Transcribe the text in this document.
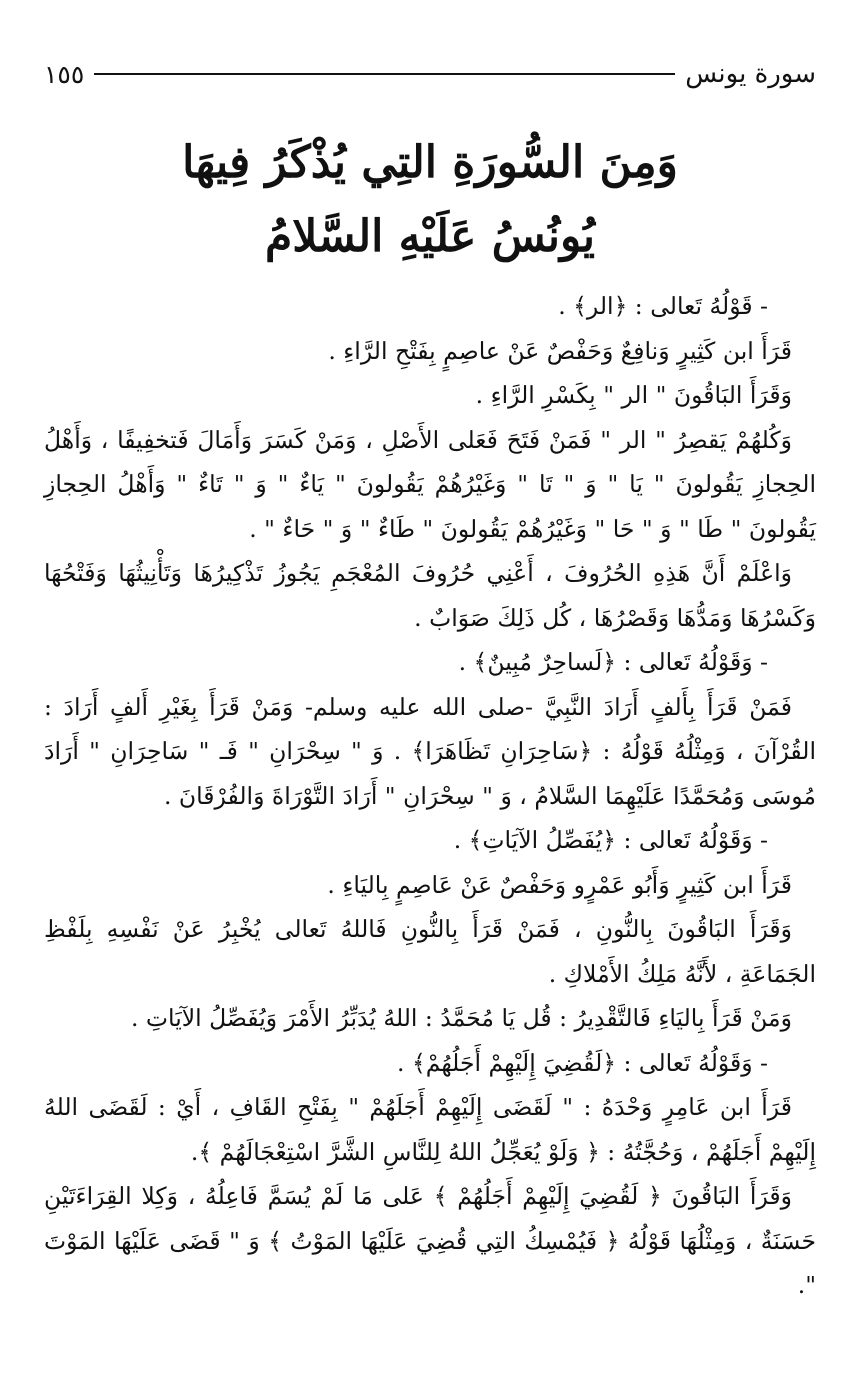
سورة يونس
١٥٥
وَمِنَ السُّورَةِ التِي يُذْكَرُ فِيهَا
يُونُسُ عَلَيْهِ السَّلامُ

- قَوْلُهُ تَعالى : ﴿الر﴾ .

قَرَأَ ابن كَثِيرٍ وَنافِعٌ وَحَفْصٌ عَنْ عاصِمٍ بِفَتْحِ الرَّاءِ .

وَقَرَأَ البَاقُونَ " الر " بِكَسْرِ الرَّاءِ .

وَكُلهُمْ يَقصِرُ " الر " فَمَنْ فَتَحَ فَعَلى الأَصْلِ ، وَمَنْ كَسَرَ وَأَمَالَ فَتخفِيفًا ، وَأَهْلُ الحِجازِ يَقُولونَ " يَا " وَ " تَا " وَغَيْرُهُمْ يَقُولونَ " يَاءٌ " وَ " تَاءٌ " وَأَهْلُ الحِجازِ يَقُولونَ " طَا " وَ " حَا " وَغَيْرُهُمْ يَقُولونَ " طَاءٌ " وَ " حَاءٌ " .

وَاعْلَمْ أَنَّ هَذِهِ الحُرُوفَ ، أَعْنِي حُرُوفَ المُعْجَمِ يَجُوزُ تَذْكِيرُهَا وَتَأْنِيثُهَا وَفَتْحُهَا وَكَسْرُهَا وَمَدُّهَا وَقَصْرُهَا ، كُل ذَلِكَ صَوَابٌ .

- وَقَوْلُهُ تَعالى : ﴿لَساحِرٌ مُبِينٌ﴾ .

فَمَنْ قَرَأَ بِأَلفٍ أَرَادَ النَّبِيَّ -صلى الله عليه وسلم- وَمَنْ قَرَأَ بِغَيْرِ أَلفٍ أَرَادَ : القُرْآنَ ، وَمِثْلُهُ قَوْلُهُ : ﴿سَاحِرَانِ تَظَاهَرَا﴾ . وَ " سِحْرَانِ " فَـ " سَاحِرَانِ " أَرَادَ مُوسَى وَمُحَمَّدًا عَلَيْهِمَا السَّلامُ ، وَ " سِحْرَانِ " أَرَادَ التَّوْرَاةَ وَالفُرْقَانَ .

- وَقَوْلُهُ تَعالى : ﴿يُفَصِّلُ الآيَاتِ﴾ .

قَرَأَ ابن كَثِيرٍ وَأَبُو عَمْرٍو وَحَفْصٌ عَنْ عَاصِمٍ بِاليَاءِ .

وَقَرَأَ البَاقُونَ بِالنُّونِ ، فَمَنْ قَرَأَ بِالنُّونِ فَاللهُ تَعالى يُخْبِرُ عَنْ نَفْسِهِ بِلَفْظِ الجَمَاعَةِ ، لأَنَّهُ مَلِكُ الأَمْلاكِ .

وَمَنْ قَرَأَ بِاليَاءِ فَالتَّقْدِيرُ : قُل يَا مُحَمَّدُ : اللهُ يُدَبِّرُ الأَمْرَ وَيُفَصِّلُ الآيَاتِ .

- وَقَوْلُهُ تَعالى : ﴿لَقُضِيَ إِلَيْهِمْ أَجَلُهُمْ﴾ .

قَرَأَ ابن عَامِرٍ وَحْدَهُ : " لَقَضَى إِلَيْهِمْ أَجَلَهُمْ " بِفَتْحِ القَافِ ، أَيْ : لَقَضَى اللهُ إِلَيْهِمْ أَجَلَهُمْ ، وَحُجَّتُهُ : ﴿ وَلَوْ يُعَجِّلُ اللهُ لِلنَّاسِ الشَّرَّ اسْتِعْجَالَهُمْ ﴾.

وَقَرَأَ البَاقُونَ ﴿ لَقُضِيَ إِلَيْهِمْ أَجَلُهُمْ ﴾ عَلى مَا لَمْ يُسَمَّ فَاعِلُهُ ، وَكِلا القِرَاءَتَيْنِ حَسَنَةٌ ، وَمِثْلُهَا قَوْلُهُ ﴿ فَيُمْسِكُ التِي قُضِيَ عَلَيْهَا المَوْتُ ﴾ وَ " قَضَى عَلَيْهَا المَوْتَ ".
